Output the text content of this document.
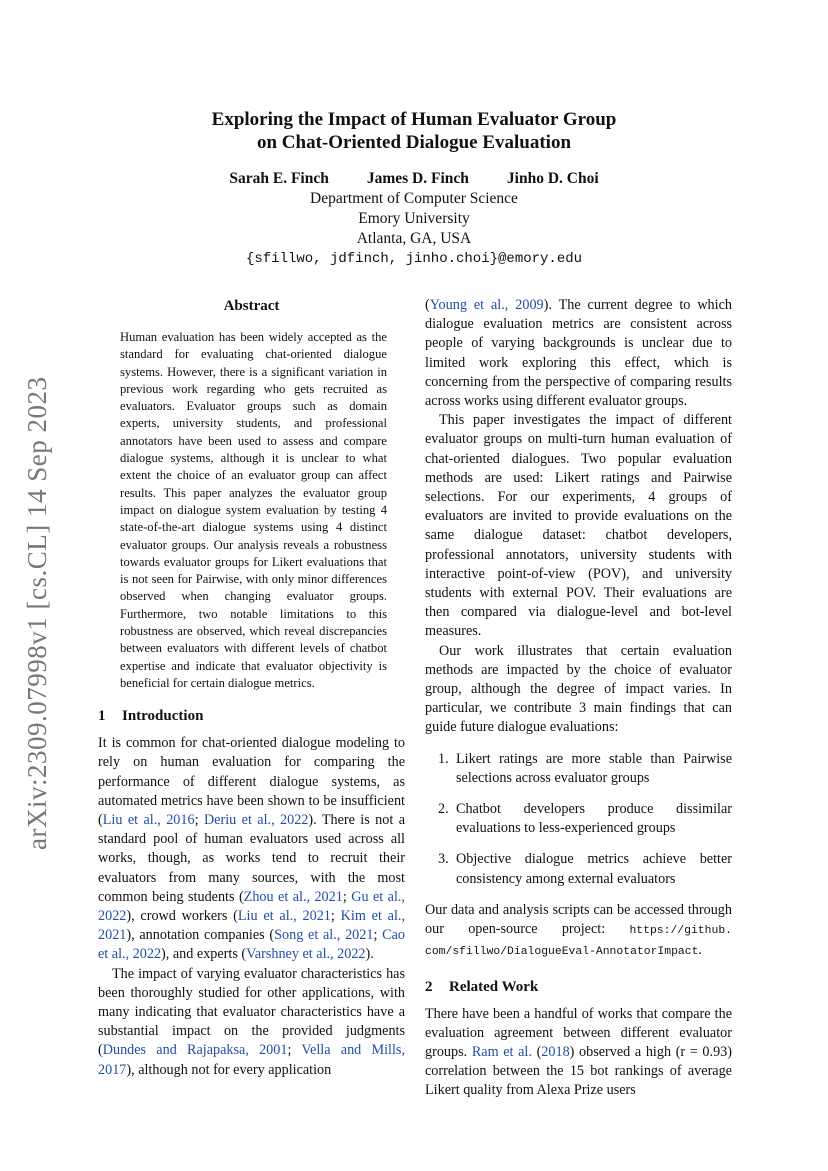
arXiv:2309.07998v1 [cs.CL] 14 Sep 2023
Exploring the Impact of Human Evaluator Group
on Chat-Oriented Dialogue Evaluation
Sarah E. Finch James D. Finch Jinho D. Choi
Department of Computer Science
Emory University
Atlanta, GA, USA
{sfillwo, jdfinch, jinho.choi}@emory.edu
Abstract
Human evaluation has been widely accepted as the standard for evaluating chat-oriented dialogue systems. However, there is a significant variation in previous work regarding who gets recruited as evaluators. Evaluator groups such as domain experts, university students, and professional annotators have been used to assess and compare dialogue systems, although it is unclear to what extent the choice of an evaluator group can affect results. This paper analyzes the evaluator group impact on dialogue system evaluation by testing 4 state-of-the-art dialogue systems using 4 distinct evaluator groups. Our analysis reveals a robustness towards evaluator groups for Likert evaluations that is not seen for Pairwise, with only minor differences observed when changing evaluator groups. Furthermore, two notable limitations to this robustness are observed, which reveal discrepancies between evaluators with different levels of chatbot expertise and indicate that evaluator objectivity is beneficial for certain dialogue metrics.
1 Introduction

It is common for chat-oriented dialogue modeling to rely on human evaluation for comparing the performance of different dialogue systems, as automated metrics have been shown to be insufficient (Liu et al., 2016; Deriu et al., 2022). There is not a standard pool of human evaluators used across all works, though, as works tend to recruit their evaluators from many sources, with the most common being students (Zhou et al., 2021; Gu et al., 2022), crowd workers (Liu et al., 2021; Kim et al., 2021), annotation companies (Song et al., 2021; Cao et al., 2022), and experts (Varshney et al., 2022).

The impact of varying evaluator characteristics has been thoroughly studied for other applications, with many indicating that evaluator characteristics have a substantial impact on the provided judgments (Dundes and Rajapaksa, 2001; Vella and Mills, 2017), although not for every application

(Young et al., 2009). The current degree to which dialogue evaluation metrics are consistent across people of varying backgrounds is unclear due to limited work exploring this effect, which is concerning from the perspective of comparing results across works using different evaluator groups.

This paper investigates the impact of different evaluator groups on multi-turn human evaluation of chat-oriented dialogues. Two popular evaluation methods are used: Likert ratings and Pairwise selections. For our experiments, 4 groups of evaluators are invited to provide evaluations on the same dialogue dataset: chatbot developers, professional annotators, university students with interactive point-of-view (POV), and university students with external POV. Their evaluations are then compared via dialogue-level and bot-level measures.

Our work illustrates that certain evaluation methods are impacted by the choice of evaluator group, although the degree of impact varies. In particular, we contribute 3 main findings that can guide future dialogue evaluations:

1. Likert ratings are more stable than Pairwise selections across evaluator groups
2. Chatbot developers produce dissimilar evaluations to less-experienced groups
3. Objective dialogue metrics achieve better consistency among external evaluators

Our data and analysis scripts can be accessed through our open-source project: https://github. com/sfillwo/DialogueEval-AnnotatorImpact.

2 Related Work

There have been a handful of works that compare the evaluation agreement between different evaluator groups. Ram et al. (2018) observed a high (r = 0.93) correlation between the 15 bot rankings of average Likert quality from Alexa Prize users
